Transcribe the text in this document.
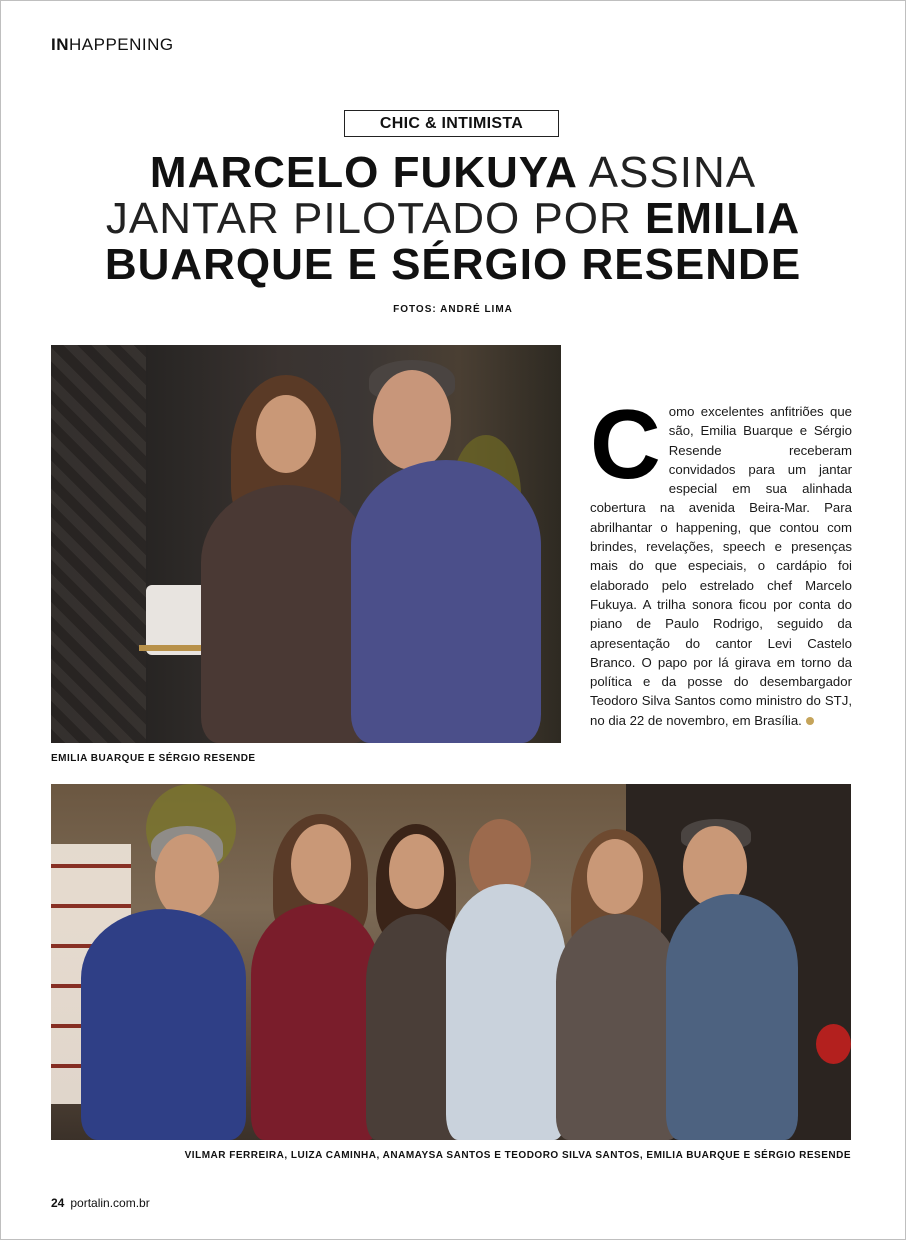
INHAPPENING
CHIC & INTIMISTA
MARCELO FUKUYA ASSINA
JANTAR PILOTADO POR EMILIA
BUARQUE E SÉRGIO RESENDE
FOTOS: ANDRÉ LIMA
EMILIA BUARQUE E SÉRGIO RESENDE
Como excelentes anfitriões que são, Emilia Buarque e Sérgio Resende receberam convidados para um jantar especial em sua alinhada cobertura na avenida Beira-Mar. Para abrilhantar o happening, que contou com brindes, revelações, speech e presenças mais do que especiais, o cardápio foi elaborado pelo estrelado chef Marcelo Fukuya. A trilha sonora ficou por conta do piano de Paulo Rodrigo, seguido da apresentação do cantor Levi Castelo Branco. O papo por lá girava em torno da política e da posse do desembargador Teodoro Silva Santos como ministro do STJ, no dia 22 de novembro, em Brasília.
VILMAR FERREIRA, LUIZA CAMINHA, ANAMAYSA SANTOS E TEODORO SILVA SANTOS, EMILIA BUARQUE E SÉRGIO RESENDE
24 portalin.com.br
